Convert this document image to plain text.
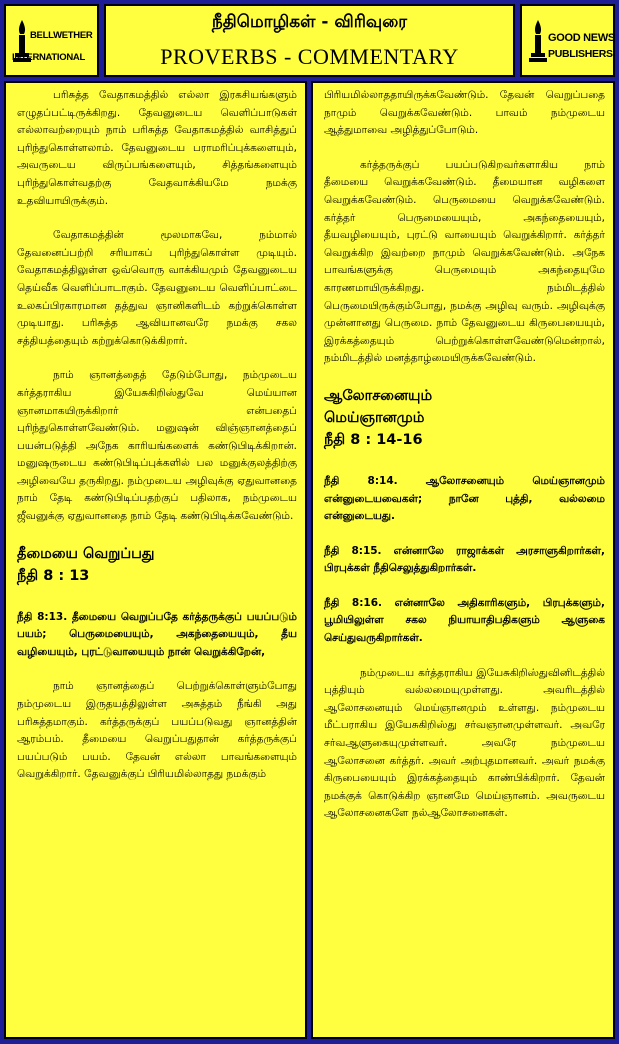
BELLWETHER
INTERNATIONAL
நீதிமொழிகள் - விரிவுரை
PROVERBS - COMMENTARY
GOOD NEWS
PUBLISHERS
பரிசுத்த வேதாகமத்தில் எல்லா இரகசியங்களும் எழுதப்பட்டிருக்கிறது. தேவனுடைய வெளிப்பாடுகள் எல்லாவற்றையும் நாம் பரிசுத்த வேதாகமத்தில் வாசித்துப் புரிந்துகொள்ளலாம். தேவனுடைய பராமரிப்புக்களையும், அவருடைய விருப்பங்களையும், சித்தங்களையும் புரிந்துகொள்வதற்கு வேதவாக்கியமே நமக்கு உதவியாயிருக்கும்.
வேதாகமத்தின் மூலமாகவே, நம்மால் தேவனைப்பற்றி சரியாகப் புரிந்துகொள்ள முடியும். வேதாகமத்திலுள்ள ஒவ்வொரு வாக்கியமும் தேவனுடைய தெய்வீக வெளிப்பாடாகும். தேவனுடைய வெளிப்பாட்டை உலகப்பிரகாரமான தத்துவ ஞானிகளிடம் கற்றுக்கொள்ள முடியாது. பரிசுத்த ஆவியானவரே நமக்கு சகல சத்தியத்தையும் கற்றுக்கொடுக்கிறார்.
நாம் ஞானத்தைத் தேடும்போது, நம்முடைய கர்த்தராகிய இயேசுகிறிஸ்துவே மெய்யான ஞானமாகயிருக்கிறார் என்பதைப் புரிந்துகொள்ளவேண்டும். மனுஷன் விஞ்ஞானத்தைப் பயன்படுத்தி அநேக காரியங்களைக் கண்டுபிடிக்கிறான். மனுஷருடைய கண்டுபிடிப்புக்களில் பல மனுக்குலத்திற்கு அழிவையே தருகிறது. நம்முடைய அழிவுக்கு ஏதுவானதை நாம் தேடி கண்டுபிடிப்பதற்குப் பதிலாக, நம்முடைய ஜீவனுக்கு ஏதுவானதை நாம் தேடி கண்டுபிடிக்கவேண்டும்.
தீமையை வெறுப்பது
நீதி 8 : 13
நீதி 8:13. தீமையை வெறுப்பதே கர்த்தருக்குப் பயப்படும் பயம்; பெருமையையும், அகந்தையையும், தீய வழியையும், புரட்டுவாயையும் நான் வெறுக்கிறேன்,
நாம் ஞானத்தைப் பெற்றுக்கொள்ளும்போது நம்முடைய இருதயத்திலுள்ள அசுத்தம் நீங்கி அது பரிசுத்தமாகும். கர்த்தருக்குப் பயப்படுவது ஞானத்தின் ஆரம்பம். தீமையை வெறுப்பதுதான் கர்த்தருக்குப் பயப்படும் பயம். தேவன் எல்லா பாவங்களையும் வெறுக்கிறார். தேவனுக்குப் பிரியமில்லாதது நமக்கும்
பிரியமில்லாததாயிருக்கவேண்டும். தேவன் வெறுப்பதை நாமும் வெறுக்கவேண்டும். பாவம் நம்முடைய ஆத்துமாவை அழித்துப்போடும்.
கர்த்தருக்குப் பயப்படுகிறவர்களாகிய நாம் தீமையை வெறுக்கவேண்டும். தீமையான வழிகளை வெறுக்கவேண்டும். பெருமையை வெறுக்கவேண்டும். கர்த்தர் பெருமையையும், அகந்தையையும், தீயவழியையும், புரட்டு வாயையும் வெறுக்கிறார். கர்த்தர் வெறுக்கிற இவற்றை நாமும் வெறுக்கவேண்டும். அநேக பாவங்களுக்கு பெருமையும் அகந்தையுமே காரணமாயிருக்கிறது. நம்மிடத்தில் பெருமையிருக்கும்போது, நமக்கு அழிவு வரும். அழிவுக்கு முன்னானது பெருமை. நாம் தேவனுடைய கிருபையையும், இரக்கத்தையும் பெற்றுக்கொள்ளவேண்டுமென்றால், நம்மிடத்தில் மனத்தாழ்மையிருக்கவேண்டும்.
ஆலோசனையும்
மெய்ஞானமும்
நீதி 8 : 14-16
நீதி 8:14. ஆலோசனையும் மெய்ஞானமும் என்னுடையவைகள்; நானே புத்தி, வல்லமை என்னுடையது.
நீதி 8:15. என்னாலே ராஜாக்கள் அரசாளுகிறார்கள், பிரபுக்கள் நீதிசெலுத்துகிறார்கள்.
நீதி 8:16. என்னாலே அதிகாரிகளும், பிரபுக்களும், பூமியிலுள்ள சகல நியாயாதிபதிகளும் ஆளுகை செய்துவருகிறார்கள்.
நம்முடைய கர்த்தராகிய இயேசுகிறிஸ்துவினிடத்தில் புத்தியும் வல்லமையுமுள்ளது. அவரிடத்தில் ஆலோசனையும் மெய்ஞானமும் உள்ளது. நம்முடைய மீட்பராகிய இயேசுகிறிஸ்து சர்வஞானமுள்ளவர். அவரே சர்வஆளுகையுமுள்ளவர். அவரே நம்முடைய ஆலோசனை கர்த்தர். அவர் அற்புதமானவர். அவர் நமக்கு கிருபையையும் இரக்கத்தையும் காண்பிக்கிறார். தேவன் நமக்குக் கொடுக்கிற ஞானமே மெய்ஞானம். அவருடைய ஆலோசனைகளே நல்ஆலோசனைகள்.
